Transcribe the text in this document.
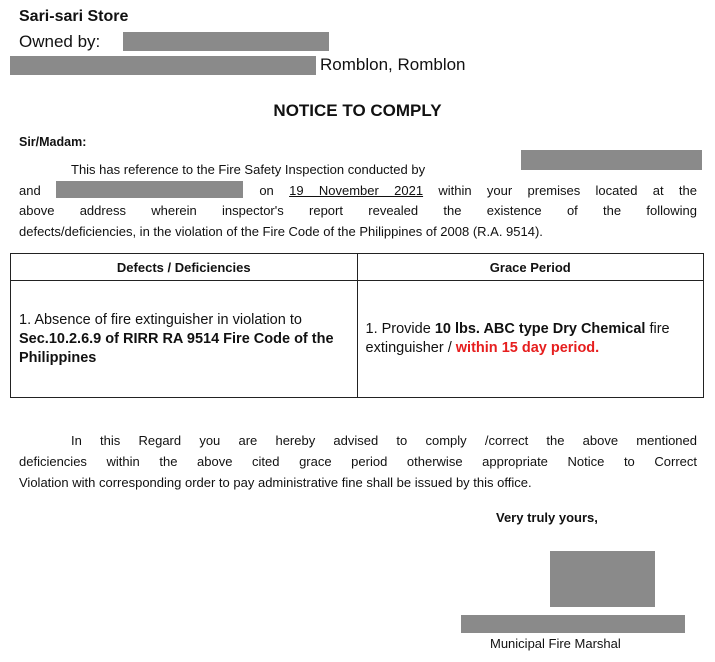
Sari-sari Store
Owned by:
Romblon, Romblon
NOTICE TO COMPLY
Sir/Madam:
This has reference to the Fire Safety Inspection conducted by
and	on 19 November 2021 within your premises located at the
above address wherein inspector's report revealed the existence of the following
defects/deficiencies, in the violation of the Fire Code of the Philippines of 2008 (R.A. 9514).
Defects / Deficiencies	Grace Period
1. Absence of fire extinguisher in violation to Sec.10.2.6.9 of RIRR RA 9514 Fire Code of the Philippines	1. Provide 10 lbs. ABC type Dry Chemical fire extinguisher / within 15 day period.
In this Regard you are hereby advised to comply /correct the above mentioned
deficiencies within the above cited grace period otherwise appropriate Notice to Correct
Violation with corresponding order to pay administrative fine shall be issued by this office.
Very truly yours,
Municipal Fire Marshal
